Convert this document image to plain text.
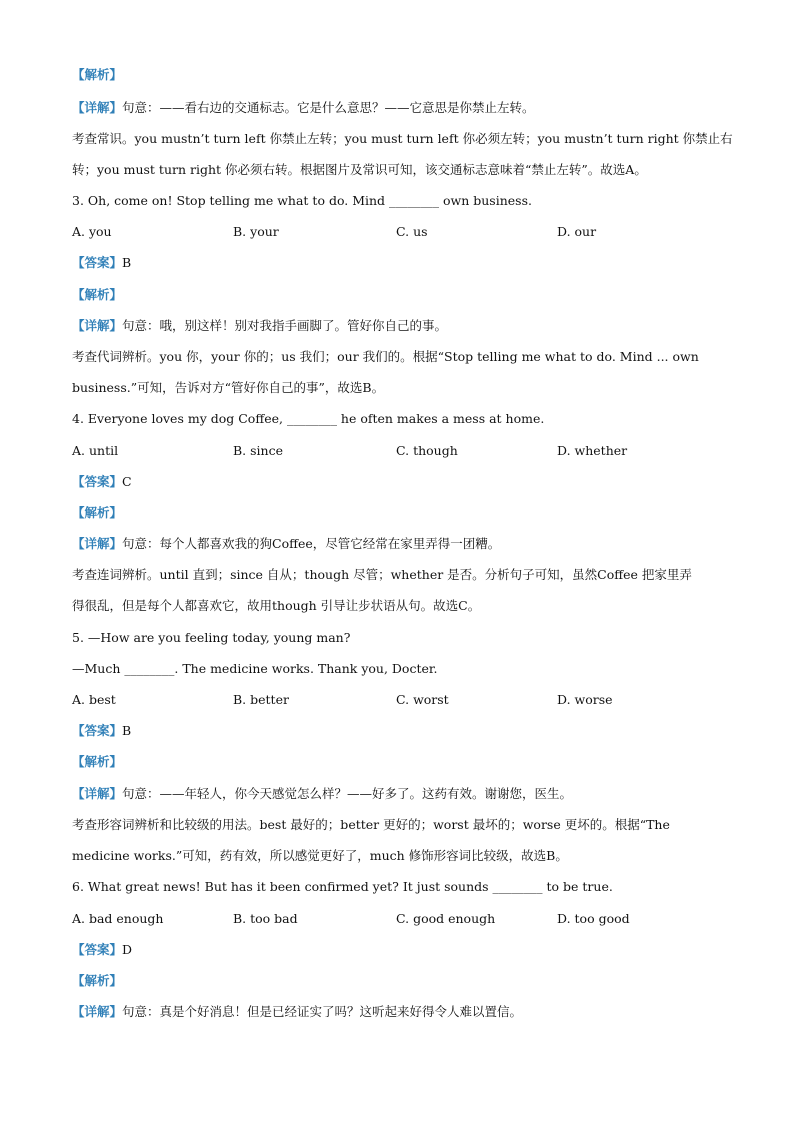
【解析】
【详解】句意：——看右边的交通标志。它是什么意思？——它意思是你禁止左转。
考查常识。you mustn’t turn left 你禁止左转；you must turn left 你必须左转；you mustn’t turn right 你禁止右
转；you must turn right 你必须右转。根据图片及常识可知，该交通标志意味着“禁止左转”。故选A。
3. Oh, come on! Stop telling me what to do. Mind ________ own business.
A. you	B. your	C. us	D. our
【答案】B
【解析】
【详解】句意：哦，别这样！别对我指手画脚了。管好你自己的事。
考查代词辨析。you 你，your 你的；us 我们；our 我们的。根据“Stop telling me what to do. Mind ... own
business.”可知，告诉对方“管好你自己的事”，故选B。
4. Everyone loves my dog Coffee, ________ he often makes a mess at home.
A. until	B. since	C. though	D. whether
【答案】C
【解析】
【详解】句意：每个人都喜欢我的狗Coffee，尽管它经常在家里弄得一团糟。
考查连词辨析。until 直到；since 自从；though 尽管；whether 是否。分析句子可知，虽然Coffee 把家里弄
得很乱，但是每个人都喜欢它，故用though 引导让步状语从句。故选C。
5. —How are you feeling today, young man?
—Much ________. The medicine works. Thank you, Docter.
A. best	B. better	C. worst	D. worse
【答案】B
【解析】
【详解】句意：——年轻人，你今天感觉怎么样？——好多了。这药有效。谢谢您，医生。
考查形容词辨析和比较级的用法。best 最好的；better 更好的；worst 最坏的；worse 更坏的。根据“The
medicine works.”可知，药有效，所以感觉更好了，much 修饰形容词比较级，故选B。
6. What great news! But has it been confirmed yet? It just sounds ________ to be true.
A. bad enough	B. too bad	C. good enough	D. too good
【答案】D
【解析】
【详解】句意：真是个好消息！但是已经证实了吗？这听起来好得令人难以置信。
